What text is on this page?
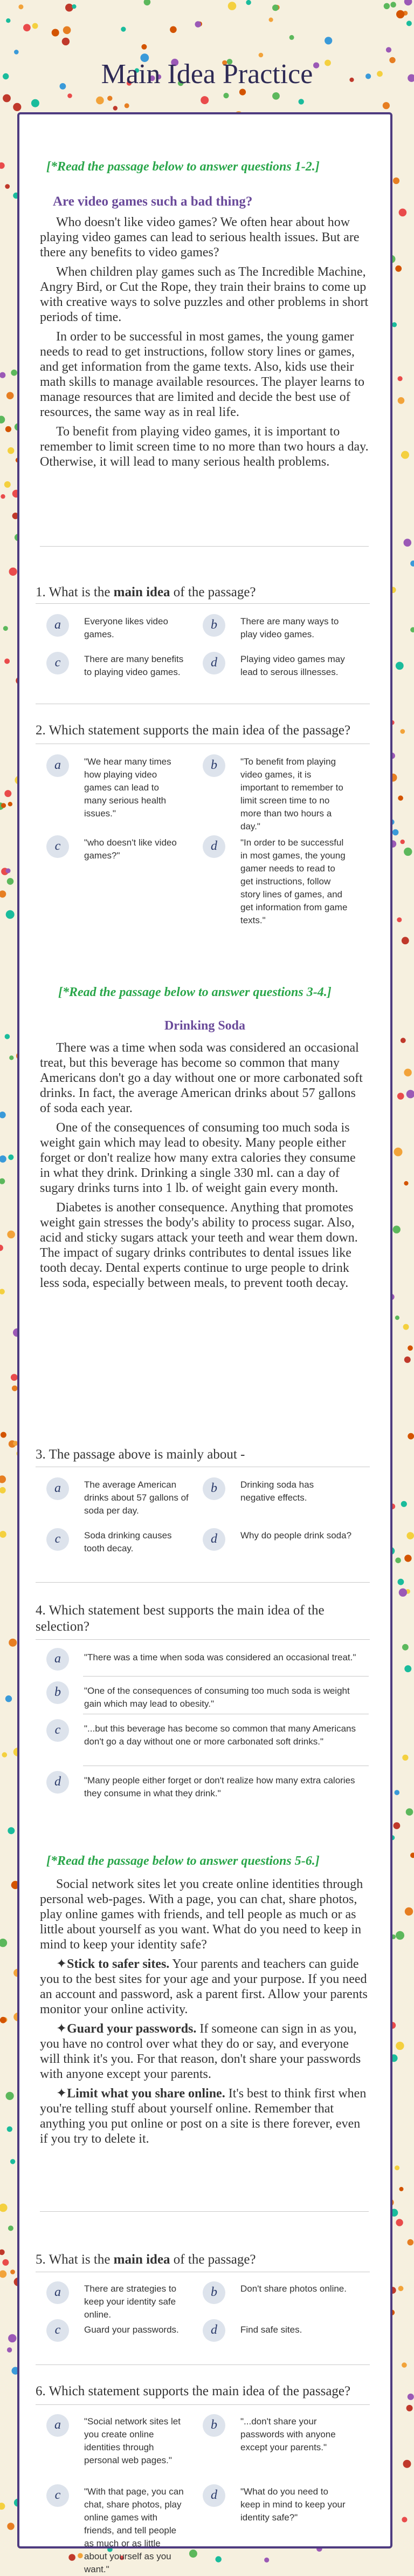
Main Idea Practice
[*Read the passage below to answer questions 1-2.]
Are video games such a bad thing?

Who doesn't like video games? We often hear about how playing video games can lead to serious health issues. But are there any benefits to video games?

When children play games such as The Incredible Machine, Angry Bird, or Cut the Rope, they train their brains to come up with creative ways to solve puzzles and other problems in short periods of time.

In order to be successful in most games, the young gamer needs to read to get instructions, follow story lines or games, and get information from the game texts. Also, kids use their math skills to manage available resources. The player learns to manage resources that are limited and decide the best use of resources, the same way as in real life.

To benefit from playing video games, it is important to remember to limit screen time to no more than two hours a day. Otherwise, it will lead to many serious health problems.

1. What is the main idea of the passage?
a	Everyone likes video games.
b	There are many ways to play video games.
c	There are many benefits to playing video games.
d	Playing video games may lead to serous illnesses.
2. Which statement supports the main idea of the passage?
a	"We hear many times how playing video games can lead to many serious health issues."
b	"To benefit from playing video games, it is important to remember to limit screen time to no more than two hours a day."
c	"who doesn't like video games?"
d	"In order to be successful in most games, the young gamer needs to read to get instructions, follow story lines of games, and get information from game texts."
[*Read the passage below to answer questions 3-4.]
Drinking Soda

There was a time when soda was considered an occasional treat, but this beverage has become so common that many Americans don't go a day without one or more carbonated soft drinks. In fact, the average American drinks about 57 gallons of soda each year.

One of the consequences of consuming too much soda is weight gain which may lead to obesity. Many people either forget or don't realize how many extra calories they consume in what they drink. Drinking a single 330 ml. can a day of sugary drinks turns into 1 lb. of weight gain every month.

Diabetes is another consequence. Anything that promotes weight gain stresses the body's ability to process sugar. Also, acid and sticky sugars attack your teeth and wear them down. The impact of sugary drinks contributes to dental issues like tooth decay. Dental experts continue to urge people to drink less soda, especially between meals, to prevent tooth decay.

3. The passage above is mainly about -
a	The average American drinks about 57 gallons of soda per day.
b	Drinking soda has negative effects.
c	Soda drinking causes tooth decay.
d	Why do people drink soda?
4. Which statement best supports the main idea of the selection?
a	"There was a time when soda was considered an occasional treat."
b	"One of the consequences of consuming too much soda is weight gain which may lead to obesity."
c	"...but this beverage has become so common that many Americans don't go a day without one or more carbonated soft drinks."
d	"Many people either forget or don't realize how many extra calories they consume in what they drink."
[*Read the passage below to answer questions 5-6.]

Social network sites let you create online identities through personal web-pages. With a page, you can chat, share photos, play online games with friends, and tell people as much or as little about yourself as you want. What do you need to keep in mind to keep your identity safe?

✦Stick to safer sites. Your parents and teachers can guide you to the best sites for your age and your purpose. If you need an account and password, ask a parent first. Allow your parents monitor your online activity.

✦Guard your passwords. If someone can sign in as you, you have no control over what they do or say, and everyone will think it's you. For that reason, don't share your passwords with anyone except your parents.

✦Limit what you share online. It's best to think first when you're telling stuff about yourself online. Remember that anything you put online or post on a site is there forever, even if you try to delete it.

5. What is the main idea of the passage?
a	There are strategies to keep your identity safe online.
b	Don't share photos online.
c	Guard your passwords.	d	Find safe sites.
6. Which statement supports the main idea of the passage?
a	"Social network sites let you create online identities through personal web pages."
b	"...don't share your passwords with anyone except your parents."
c	"With that page, you can chat, share photos, play online games with friends, and tell people as much or as little about yourself as you want."
d	"What do you need to keep in mind to keep your identity safe?"
